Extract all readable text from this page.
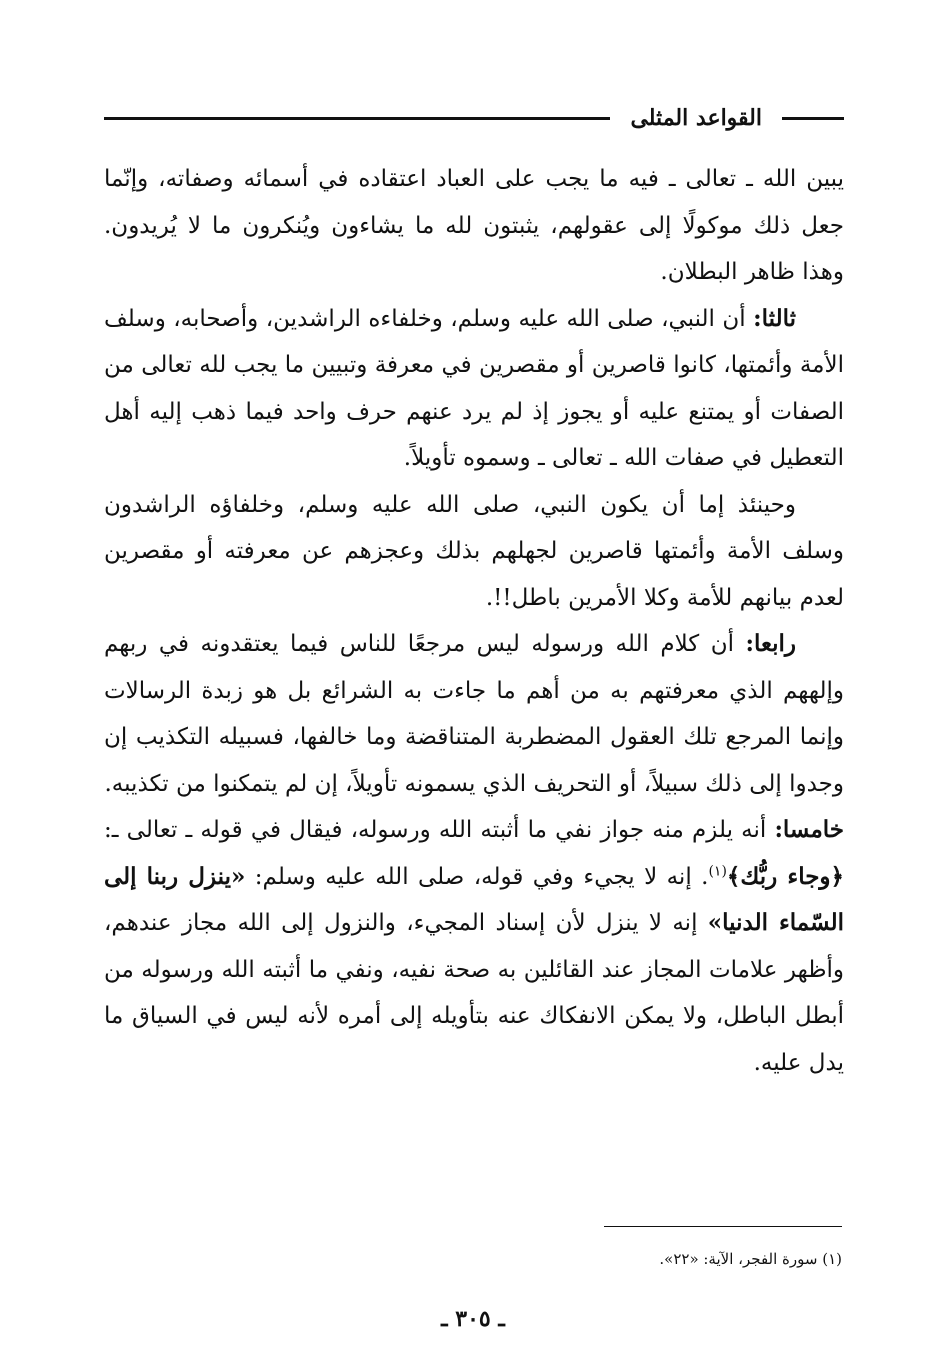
القواعد المثلى

يبين الله ـ تعالى ـ فيه ما يجب على العباد اعتقاده في أسمائه وصفاته، وإنّما جعل ذلك موكولًا إلى عقولهم، يثبتون لله ما يشاءون ويُنكرون ما لا يُريدون. وهذا ظاهر البطلان.

ثالثا: أن النبي، صلى الله عليه وسلم، وخلفاءه الراشدين، وأصحابه، وسلف الأمة وأئمتها، كانوا قاصرين أو مقصرين في معرفة وتبيين ما يجب لله تعالى من الصفات أو يمتنع عليه أو يجوز إذ لم يرد عنهم حرف واحد فيما ذهب إليه أهل التعطيل في صفات الله ـ تعالى ـ وسموه تأويلاً.

وحينئذ إما أن يكون النبي، صلى الله عليه وسلم، وخلفاؤه الراشدون وسلف الأمة وأئمتها قاصرين لجهلهم بذلك وعجزهم عن معرفته أو مقصرين لعدم بيانهم للأمة وكلا الأمرين باطل!!.

رابعا: أن كلام الله ورسوله ليس مرجعًا للناس فيما يعتقدونه في ربهم وإلههم الذي معرفتهم به من أهم ما جاءت به الشرائع بل هو زبدة الرسالات وإنما المرجع تلك العقول المضطربة المتناقضة وما خالفها، فسبيله التكذيب إن وجدوا إلى ذلك سبيلاً، أو التحريف الذي يسمونه تأويلاً، إن لم يتمكنوا من تكذيبه.

خامسا: أنه يلزم منه جواز نفي ما أثبته الله ورسوله، فيقال في قوله ـ تعالى ـ: ﴿وجاء ربُّك﴾$^{(١)}$. إنه لا يجيء وفي قوله، صلى الله عليه وسلم: «ينزل ربنا إلى السّماء الدنيا» إنه لا ينزل لأن إسناد المجيء، والنزول إلى الله مجاز عندهم، وأظهر علامات المجاز عند القائلين به صحة نفيه، ونفي ما أثبته الله ورسوله من أبطل الباطل، ولا يمكن الانفكاك عنه بتأويله إلى أمره لأنه ليس في السياق ما يدل عليه.

(١) سورة الفجر، الآية: «٢٢».
ـ ٣٠٥ ـ
